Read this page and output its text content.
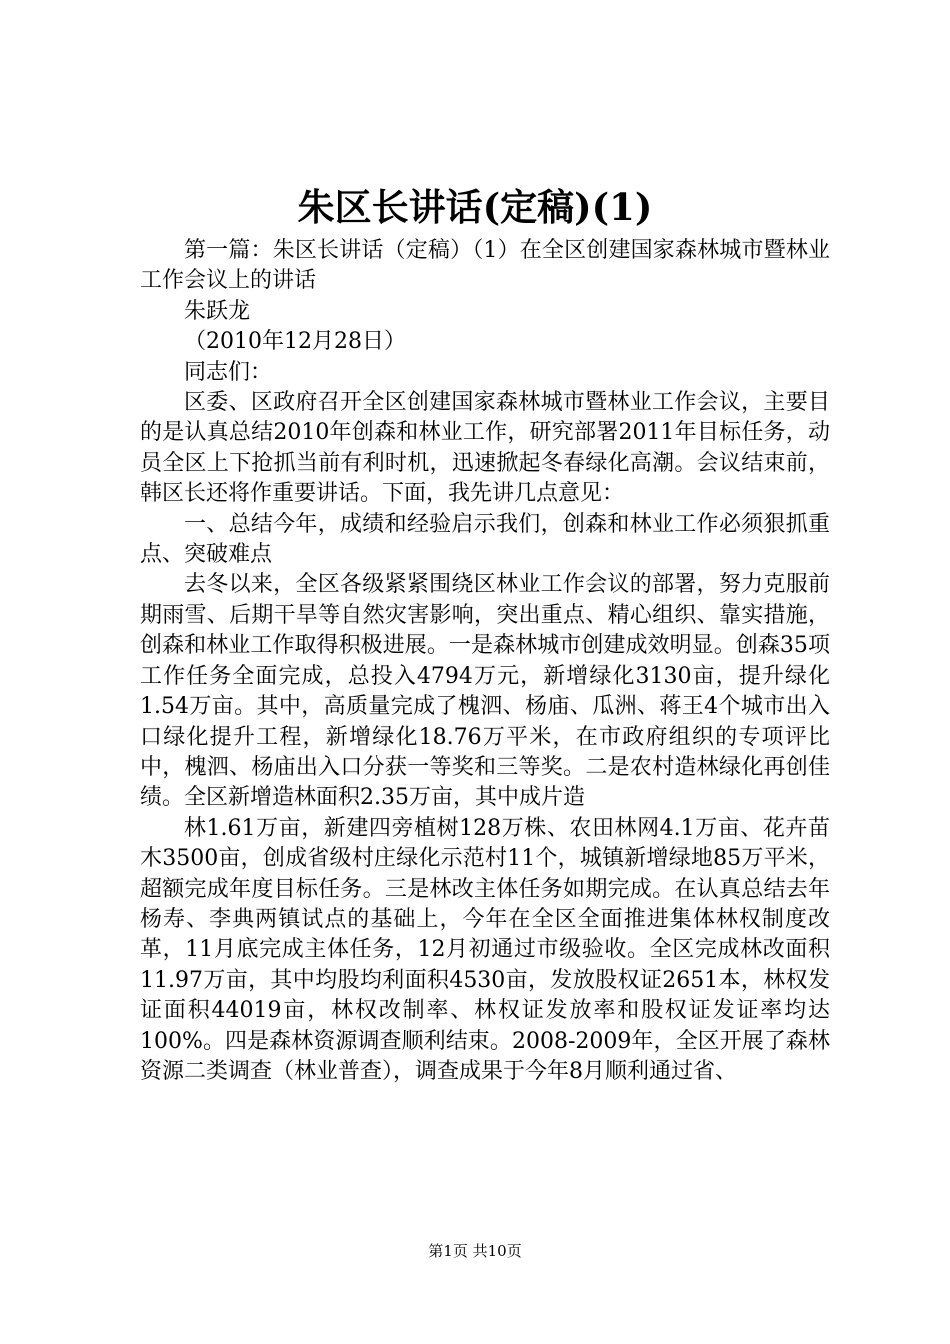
朱区长讲话(定稿)(1)

第一篇：朱区长讲话（定稿）（1）在全区创建国家森林城市暨林业工作会议上的讲话

朱跃龙

（2010年12月28日）

同志们：

区委、区政府召开全区创建国家森林城市暨林业工作会议，主要目的是认真总结2010年创森和林业工作，研究部署2011年目标任务，动员全区上下抢抓当前有利时机，迅速掀起冬春绿化高潮。会议结束前，韩区长还将作重要讲话。下面，我先讲几点意见：

一、总结今年，成绩和经验启示我们，创森和林业工作必须狠抓重点、突破难点

去冬以来，全区各级紧紧围绕区林业工作会议的部署，努力克服前期雨雪、后期干旱等自然灾害影响，突出重点、精心组织、靠实措施，创森和林业工作取得积极进展。一是森林城市创建成效明显。创森35项工作任务全面完成，总投入4794万元，新增绿化3130亩，提升绿化1.54万亩。其中，高质量完成了槐泗、杨庙、瓜洲、蒋王4个城市出入口绿化提升工程，新增绿化18.76万平米，在市政府组织的专项评比中，槐泗、杨庙出入口分获一等奖和三等奖。二是农村造林绿化再创佳绩。全区新增造林面积2.35万亩，其中成片造

林1.61万亩，新建四旁植树128万株、农田林网4.1万亩、花卉苗木3500亩，创成省级村庄绿化示范村11个，城镇新增绿地85万平米，超额完成年度目标任务。三是林改主体任务如期完成。在认真总结去年杨寿、李典两镇试点的基础上，今年在全区全面推进集体林权制度改革，11月底完成主体任务，12月初通过市级验收。全区完成林改面积11.97万亩，其中均股均利面积4530亩，发放股权证2651本，林权发证面积44019亩，林权改制率、林权证发放率和股权证发证率均达100%。四是森林资源调查顺利结束。2008-2009年，全区开展了森林资源二类调查（林业普查），调查成果于今年8月顺利通过省、

第1页 共10页
